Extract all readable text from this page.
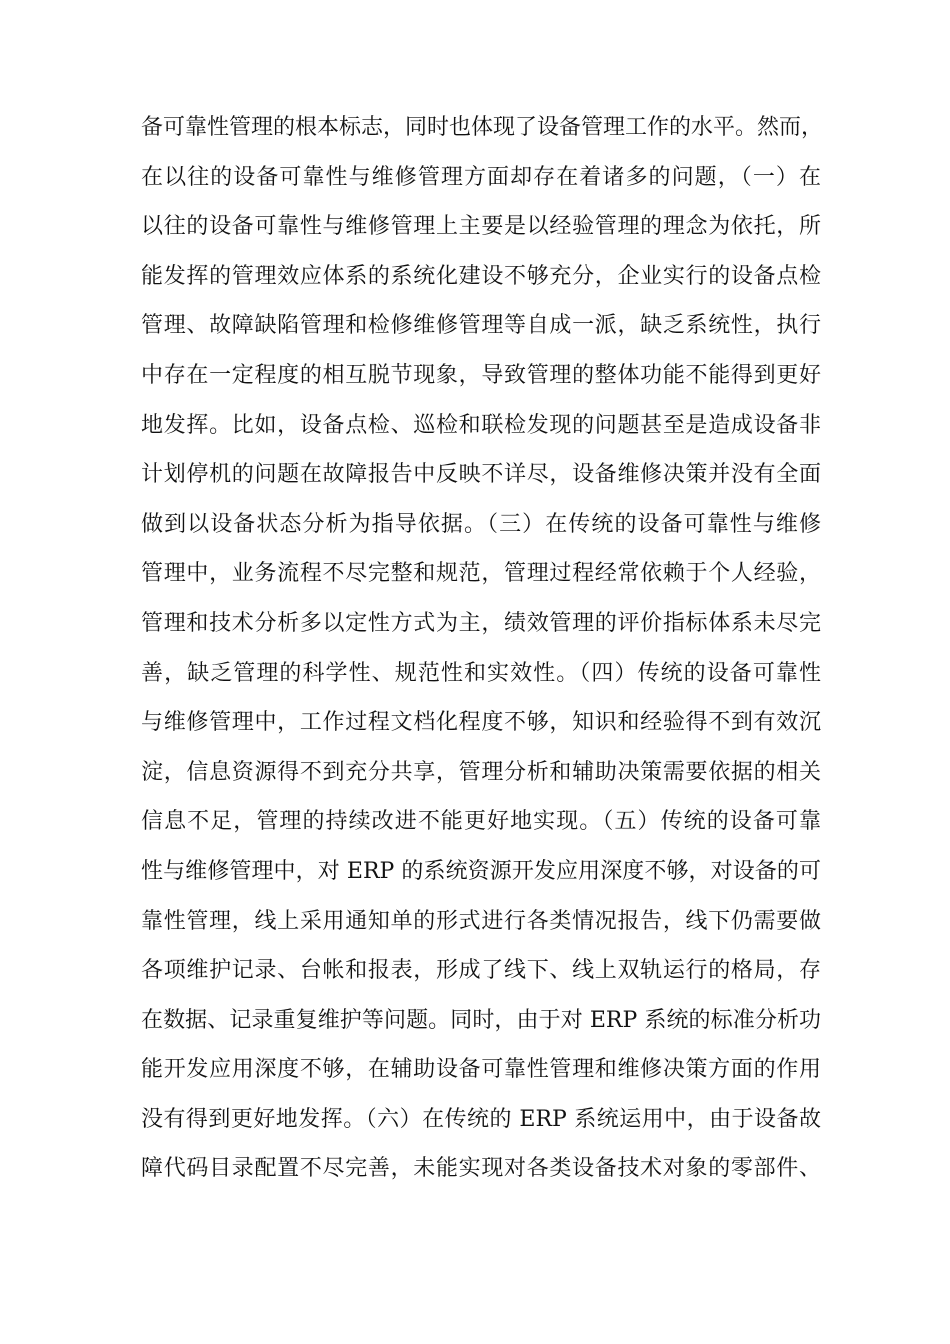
备可靠性管理的根本标志，同时也体现了设备管理工作的水平。然而，
在以往的设备可靠性与维修管理方面却存在着诸多的问题，（一）在
以往的设备可靠性与维修管理上主要是以经验管理的理念为依托，所
能发挥的管理效应体系的系统化建设不够充分，企业实行的设备点检
管理、故障缺陷管理和检修维修管理等自成一派，缺乏系统性，执行
中存在一定程度的相互脱节现象，导致管理的整体功能不能得到更好
地发挥。比如，设备点检、巡检和联检发现的问题甚至是造成设备非
计划停机的问题在故障报告中反映不详尽，设备维修决策并没有全面
做到以设备状态分析为指导依据。（三）在传统的设备可靠性与维修
管理中，业务流程不尽完整和规范，管理过程经常依赖于个人经验，
管理和技术分析多以定性方式为主，绩效管理的评价指标体系未尽完
善，缺乏管理的科学性、规范性和实效性。（四）传统的设备可靠性
与维修管理中，工作过程文档化程度不够，知识和经验得不到有效沉
淀，信息资源得不到充分共享，管理分析和辅助决策需要依据的相关
信息不足，管理的持续改进不能更好地实现。（五）传统的设备可靠
性与维修管理中，对 ERP 的系统资源开发应用深度不够，对设备的可
靠性管理，线上采用通知单的形式进行各类情况报告，线下仍需要做
各项维护记录、台帐和报表，形成了线下、线上双轨运行的格局，存
在数据、记录重复维护等问题。同时，由于对 ERP 系统的标准分析功
能开发应用深度不够，在辅助设备可靠性管理和维修决策方面的作用
没有得到更好地发挥。（六）在传统的 ERP 系统运用中，由于设备故
障代码目录配置不尽完善，未能实现对各类设备技术对象的零部件、
